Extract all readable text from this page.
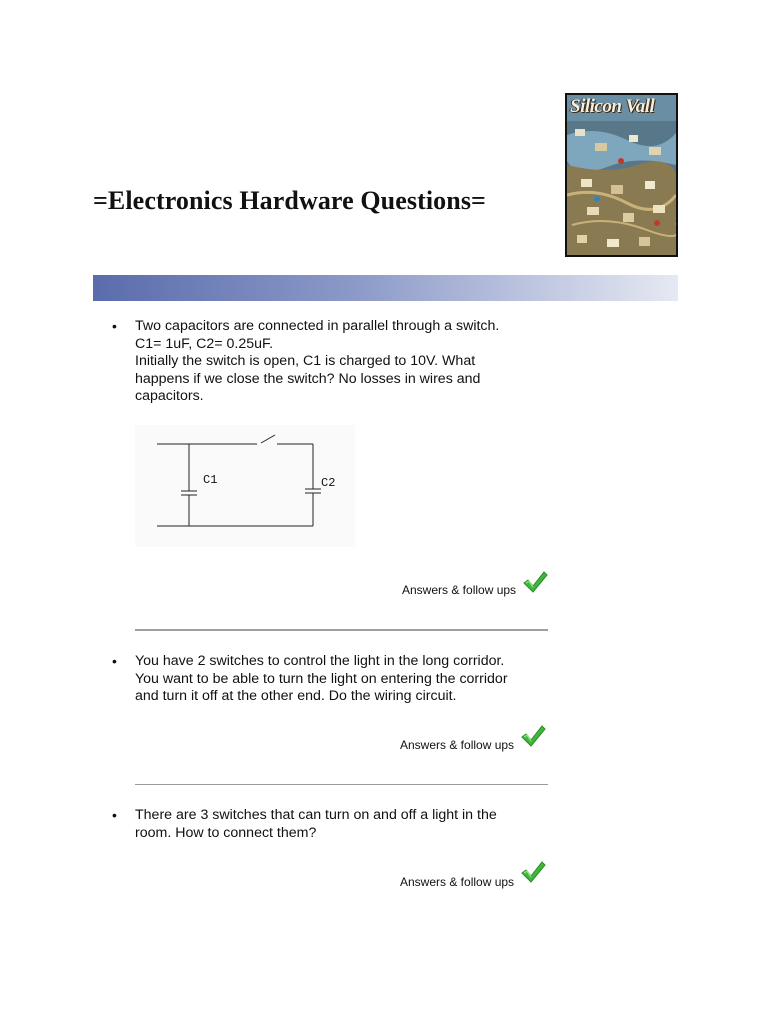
=Electronics Hardware Questions=
Silicon Vall
• Two capacitors are connected in parallel through a switch.
C1= 1uF, C2= 0.25uF.
Initially the switch is open, C1 is charged to 10V. What
happens if we close the switch? No losses in wires and
capacitors.
C1	C2
Answers & follow ups
• You have 2 switches to control the light in the long corridor.
You want to be able to turn the light on entering the corridor
and turn it off at the other end. Do the wiring circuit.
Answers & follow ups
• There are 3 switches that can turn on and off a light in the
room. How to connect them?
Answers & follow ups
